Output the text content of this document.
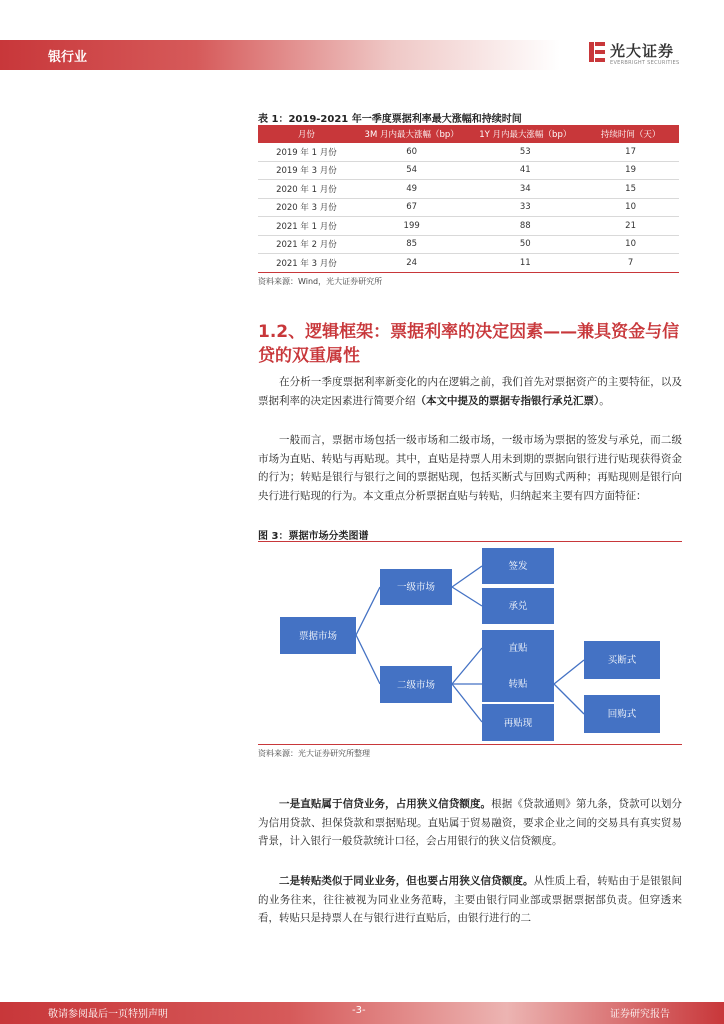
银行业	光大证券
EVERBRIGHT SECURITIES
表 1：2019-2021 年一季度票据利率最大涨幅和持续时间
月份	3M 月内最大涨幅（bp）	1Y 月内最大涨幅（bp）	持续时间（天）
2019 年 1 月份	60	53	17
2019 年 3 月份	54	41	19
2020 年 1 月份	49	34	15
2020 年 3 月份	67	33	10
2021 年 1 月份	199	88	21
2021 年 2 月份	85	50	10
2021 年 3 月份	24	11	7
资料来源：Wind，光大证券研究所
1.2、逻辑框架：票据利率的决定因素——兼具资金与信
贷的双重属性

在分析一季度票据利率新变化的内在逻辑之前，我们首先对票据资产的主要特征，以及票据利率的决定因素进行简要介绍（本文中提及的票据专指银行承兑汇票）。

一般而言，票据市场包括一级市场和二级市场，一级市场为票据的签发与承兑，而二级市场为直贴、转贴与再贴现。其中，直贴是持票人用未到期的票据向银行进行贴现获得资金的行为；转贴是银行与银行之间的票据贴现，包括买断式与回购式两种；再贴现则是银行向央行进行贴现的行为。本文重点分析票据直贴与转贴，归纳起来主要有四方面特征：

图 3：票据市场分类图谱
票据市场
一级市场
二级市场
签发
承兑
直贴
转贴
再贴现
买断式
回购式
资料来源：光大证券研究所整理

一是直贴属于信贷业务，占用狭义信贷额度。根据《贷款通则》第九条，贷款可以划分为信用贷款、担保贷款和票据贴现。直贴属于贸易融资，要求企业之间的交易具有真实贸易背景，计入银行一般贷款统计口径，会占用银行的狭义信贷额度。

二是转贴类似于同业业务，但也要占用狭义信贷额度。从性质上看，转贴由于是银银间的业务往来，往往被视为同业业务范畴，主要由银行同业部或票据票据部负责。但穿透来看，转贴只是持票人在与银行进行直贴后，由银行进行的二

敬请参阅最后一页特别声明	-3-	证券研究报告
